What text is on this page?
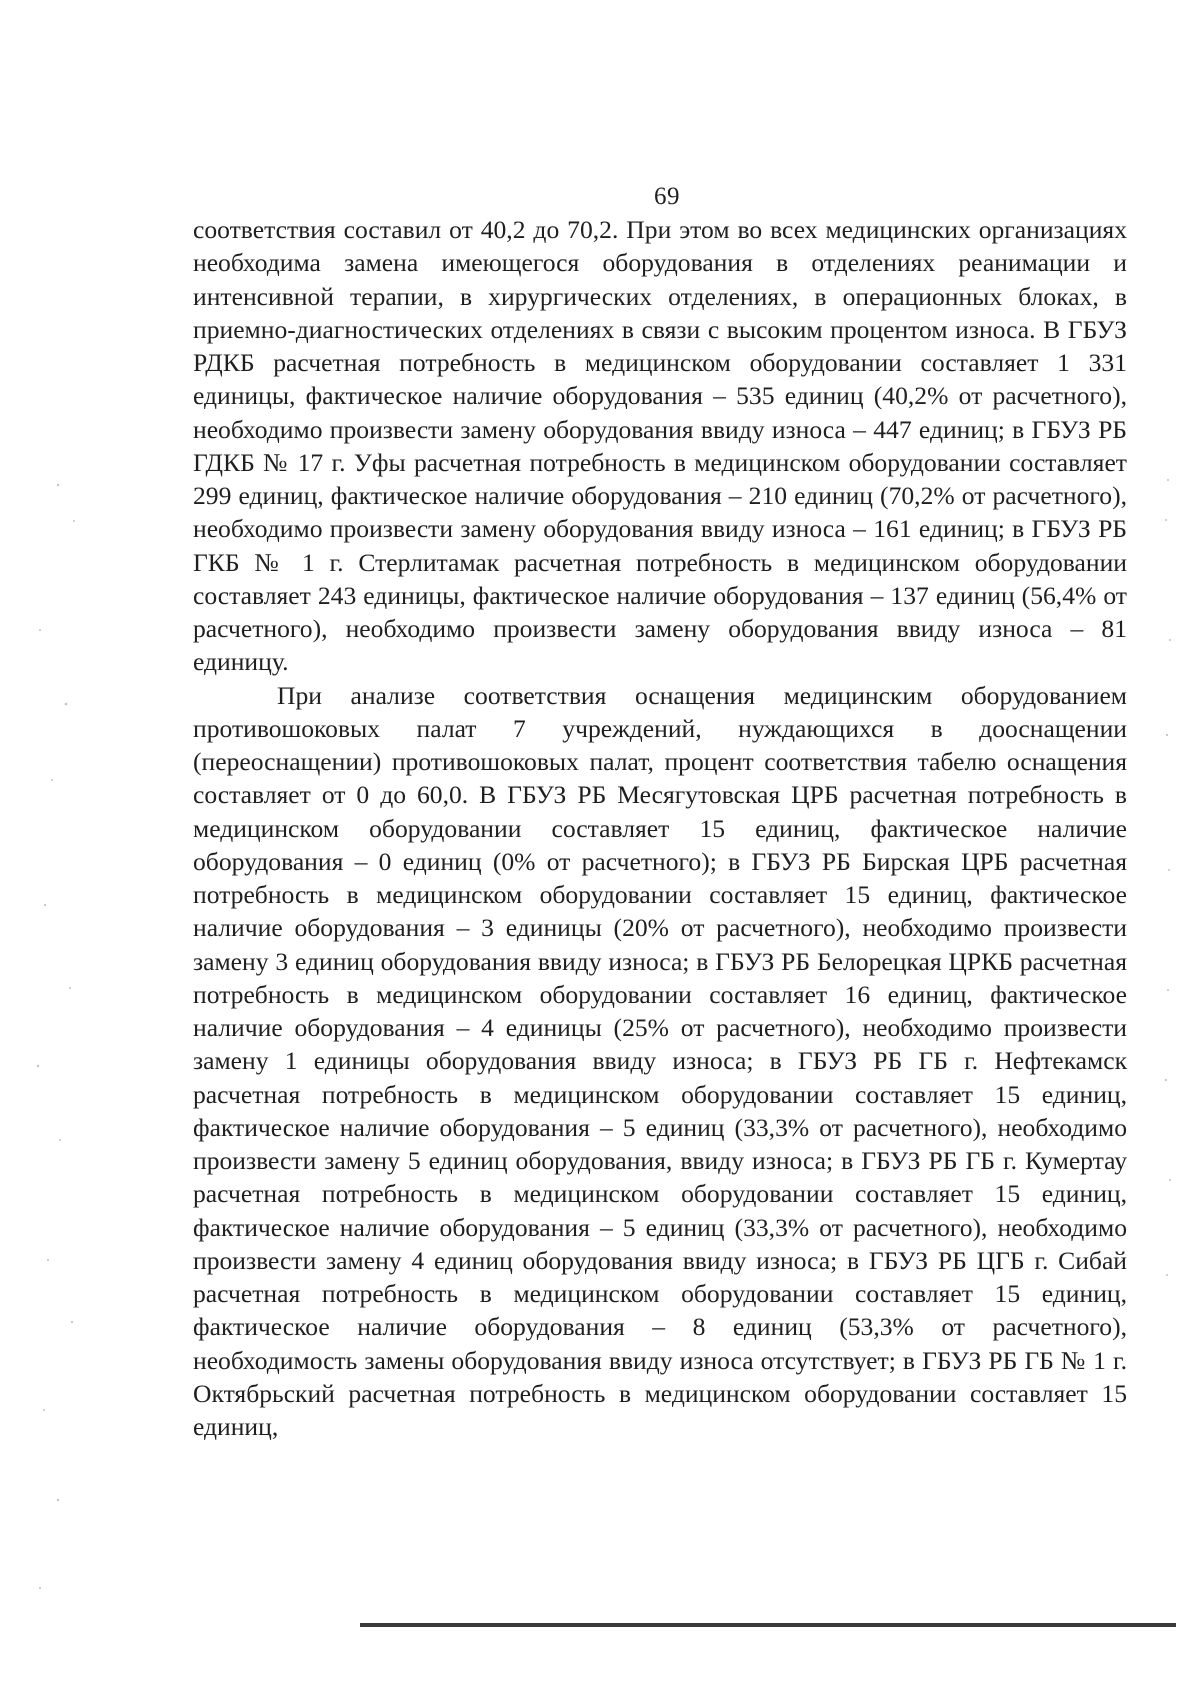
69

соответствия составил от 40,2 до 70,2. При этом во всех медицинских организациях необходима замена имеющегося оборудования в отделениях реанимации и интенсивной терапии, в хирургических отделениях, в операционных блоках, в приемно-диагностических отделениях в связи с высоким процентом износа. В ГБУЗ РДКБ расчетная потребность в медицинском оборудовании составляет 1 331 единицы, фактическое наличие оборудования – 535 единиц (40,2% от расчетного), необходимо произвести замену оборудования ввиду износа – 447 единиц; в ГБУЗ РБ ГДКБ № 17 г. Уфы расчетная потребность в медицинском оборудовании составляет 299 единиц, фактическое наличие оборудования – 210 единиц (70,2% от расчетного), необходимо произвести замену оборудования ввиду износа – 161 единиц; в ГБУЗ РБ ГКБ № 1 г. Стерлитамак расчетная потребность в медицинском оборудовании составляет 243 единицы, фактическое наличие оборудования – 137 единиц (56,4% от расчетного), необходимо произвести замену оборудования ввиду износа – 81 единицу.

При анализе соответствия оснащения медицинским оборудованием противошоковых палат 7 учреждений, нуждающихся в дооснащении (переоснащении) противошоковых палат, процент соответствия табелю оснащения составляет от 0 до 60,0. В ГБУЗ РБ Месягутовская ЦРБ расчетная потребность в медицинском оборудовании составляет 15 единиц, фактическое наличие оборудования – 0 единиц (0% от расчетного); в ГБУЗ РБ Бирская ЦРБ расчетная потребность в медицинском оборудовании составляет 15 единиц, фактическое наличие оборудования – 3 единицы (20% от расчетного), необходимо произвести замену 3 единиц оборудования ввиду износа; в ГБУЗ РБ Белорецкая ЦРКБ расчетная потребность в медицинском оборудовании составляет 16 единиц, фактическое наличие оборудования – 4 единицы (25% от расчетного), необходимо произвести замену 1 единицы оборудования ввиду износа; в ГБУЗ РБ ГБ г. Нефтекамск расчетная потребность в медицинском оборудовании составляет 15 единиц, фактическое наличие оборудования – 5 единиц (33,3% от расчетного), необходимо произвести замену 5 единиц оборудования, ввиду износа; в ГБУЗ РБ ГБ г. Кумертау расчетная потребность в медицинском оборудовании составляет 15 единиц, фактическое наличие оборудования – 5 единиц (33,3% от расчетного), необходимо произвести замену 4 единиц оборудования ввиду износа; в ГБУЗ РБ ЦГБ г. Сибай расчетная потребность в медицинском оборудовании составляет 15 единиц, фактическое наличие оборудования – 8 единиц (53,3% от расчетного), необходимость замены оборудования ввиду износа отсутствует; в ГБУЗ РБ ГБ № 1 г. Октябрьский расчетная потребность в медицинском оборудовании составляет 15 единиц,
